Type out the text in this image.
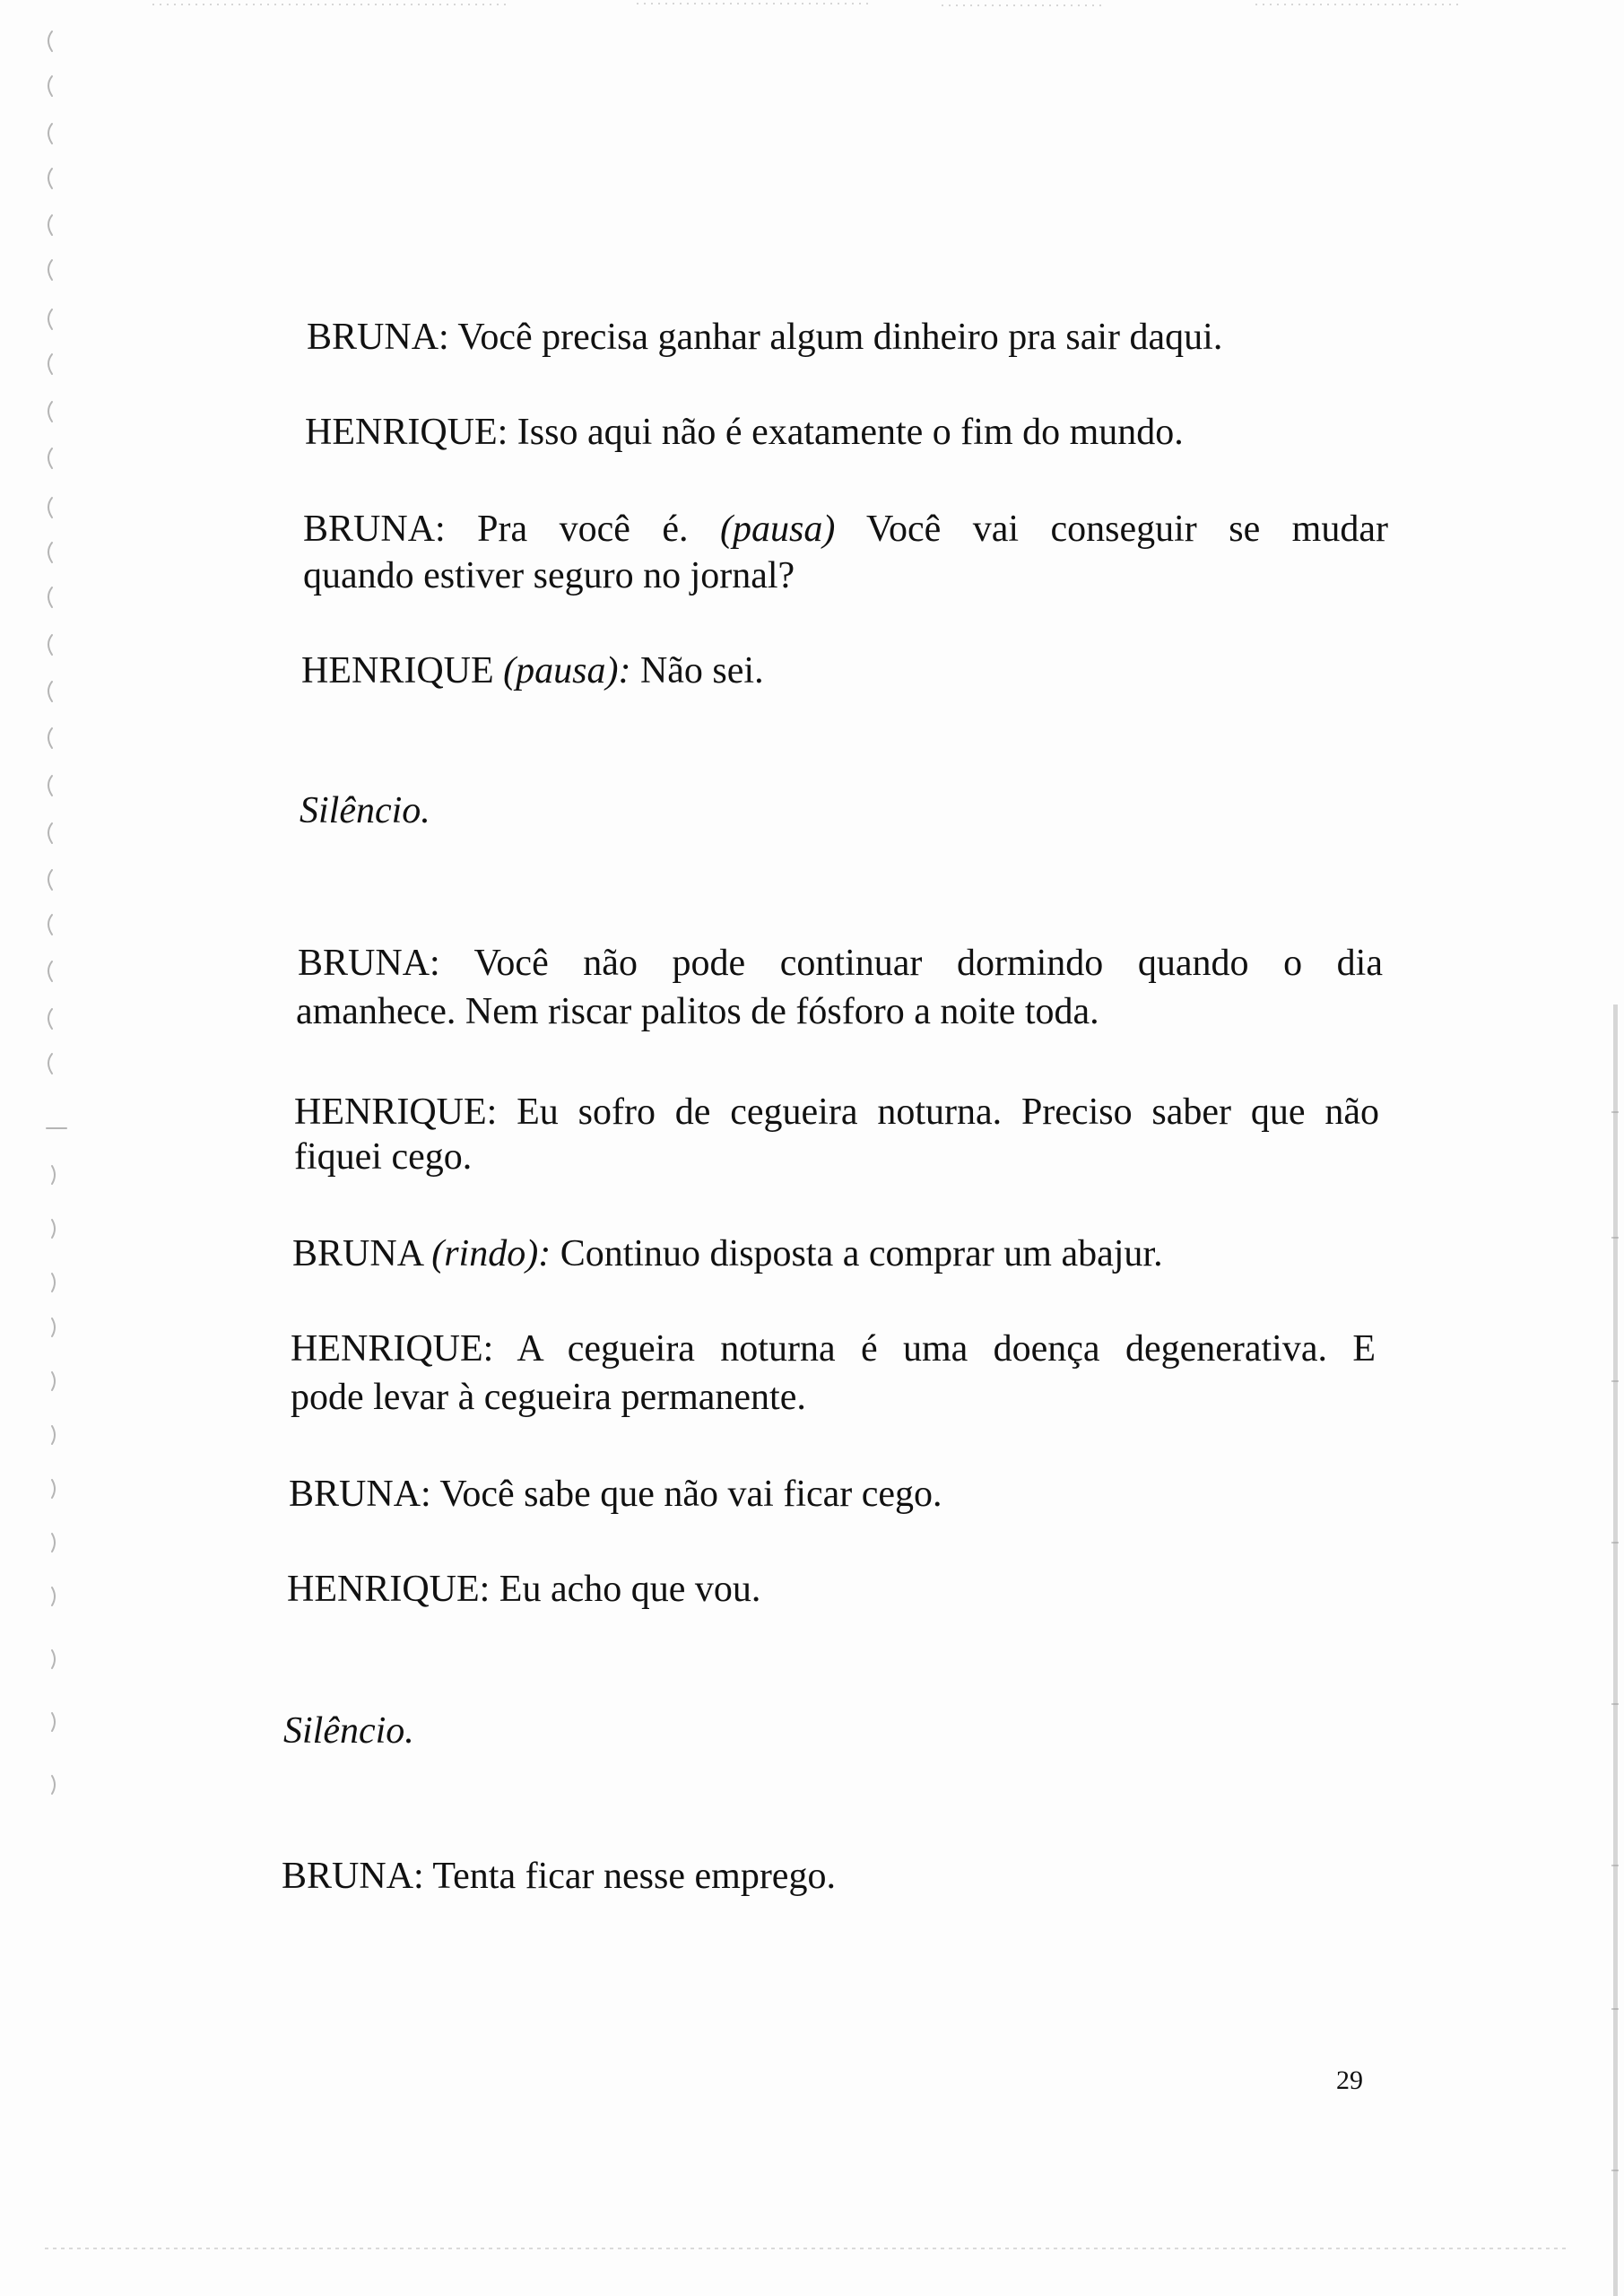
BRUNA: Você precisa ganhar algum dinheiro pra sair daqui.

HENRIQUE: Isso aqui não é exatamente o fim do mundo.

BRUNA: Pra você é. (pausa) Você vai conseguir se mudar

quando estiver seguro no jornal?

HENRIQUE (pausa): Não sei.

Silêncio.

BRUNA: Você não pode continuar dormindo quando o dia

amanhece. Nem riscar palitos de fósforo a noite toda.

HENRIQUE: Eu sofro de cegueira noturna. Preciso saber que não

fiquei cego.

BRUNA (rindo): Continuo disposta a comprar um abajur.

HENRIQUE: A cegueira noturna é uma doença degenerativa. E

pode levar à cegueira permanente.

BRUNA: Você sabe que não vai ficar cego.

HENRIQUE: Eu acho que vou.

Silêncio.

BRUNA: Tenta ficar nesse emprego.

29
